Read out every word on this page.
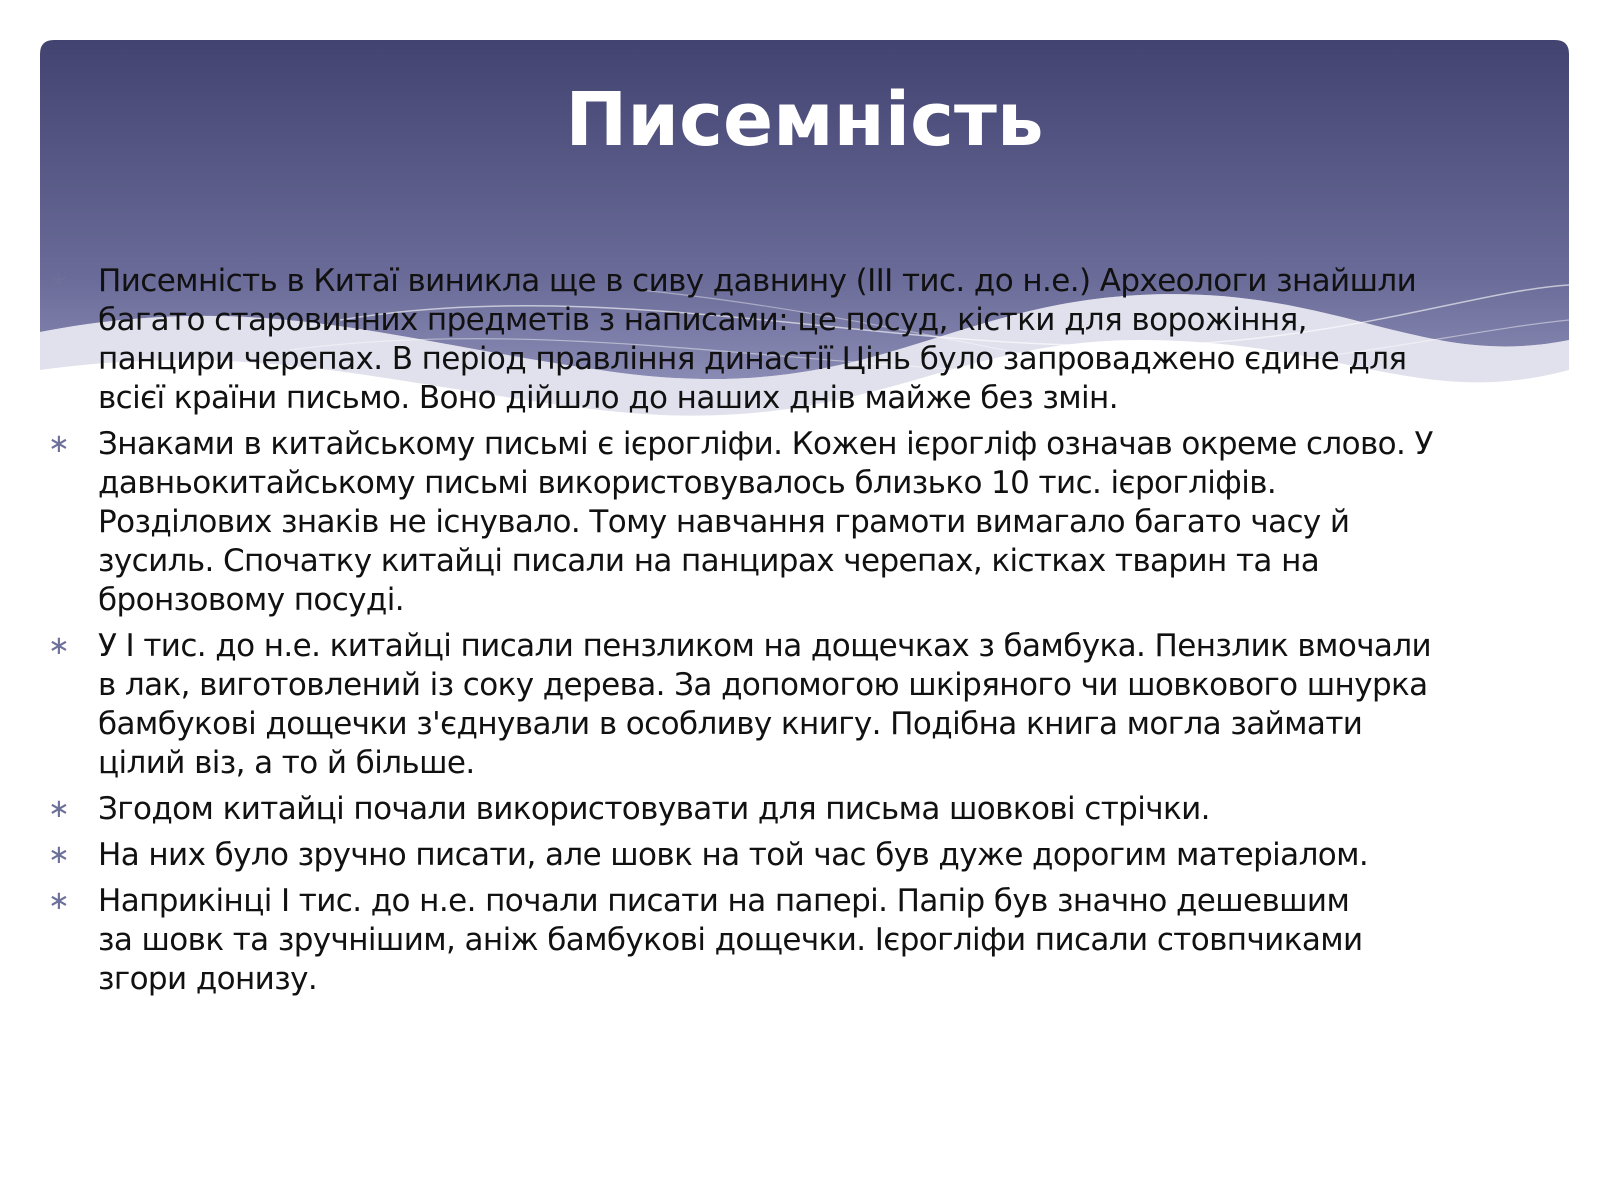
Писемність
∗ Писемність в Китаї виникла ще в сиву давнину (ІІІ тис. до н.е.) Археологи знайшли
багато старовинних предметів з написами: це посуд, кістки для ворожіння,
панцири черепах. В період правління династії Цінь було запроваджено єдине для
всієї країни письмо. Воно дійшло до наших днів майже без змін.
∗ Знаками в китайському письмі є ієрогліфи. Кожен ієрогліф означав окреме слово. У
давньокитайському письмі використовувалось близько 10 тис. ієрогліфів.
Розділових знаків не існувало. Тому навчання грамоти вимагало багато часу й
зусиль. Спочатку китайці писали на панцирах черепах, кістках тварин та на
бронзовому посуді.
∗ У І тис. до н.е. китайці писали пензликом на дощечках з бамбука. Пензлик вмочали
в лак, виготовлений із соку дерева. За допомогою шкіряного чи шовкового шнурка
бамбукові дощечки з'єднували в особливу книгу. Подібна книга могла займати
цілий віз, а то й більше.
∗ Згодом китайці почали використовувати для письма шовкові стрічки.
∗ На них було зручно писати, але шовк на той час був дуже дорогим матеріалом.
∗ Наприкінці І тис. до н.е. почали писати на папері. Папір був значно дешевшим
за шовк та зручнішим, аніж бамбукові дощечки. Ієрогліфи писали стовпчиками
згори донизу.
